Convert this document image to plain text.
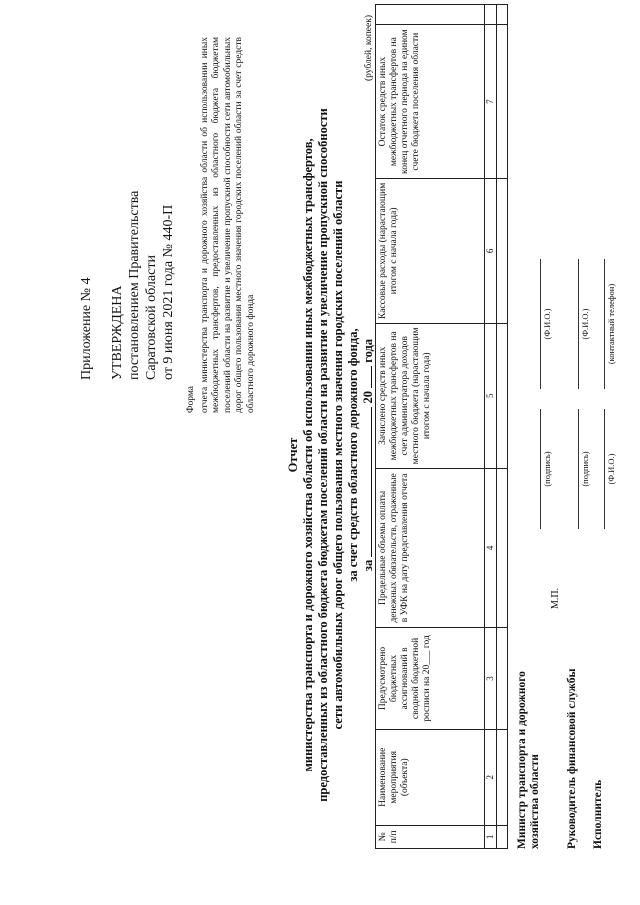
Приложение № 4 УТВЕРЖДЕНА постановлением Правительства Саратовской области от 9 июня 2021 года № 440-П
Форма отчета министерства транспорта и дорожного хозяйства области об использовании иных межбюджетных трансфертов, предоставленных из областного бюджета бюджетам поселений области на развитие и увеличение пропускной способности сети автомобильных дорог общего пользования местного значения городских поселений области за счет средств областного дорожного фонда
Отчет министерства транспорта и дорожного хозяйства области об использовании иных межбюджетных трансфертов, предоставленных из областного бюджета бюджетам поселений области на развитие и увеличение пропускной способности сети автомобильных дорог общего пользования местного значения городских поселений области за счет средств областного дорожного фонда, за  20  года
(рублей, копеек)
№ п/п	Наименование мероприятия (объекта)	Предусмотрено бюджетных ассигнований в сводной бюджетной росписи на 20___ год	Предельные объемы оплаты денежных обязательств, отраженные в УФК на дату представления отчета	Зачислено средств иных межбюджетных трансфертов на счет администратора доходов местного бюджета (нарастающим итогом с начала года)	Кассовые расходы (нарастающим итогом с начала года)	Остаток средств иных межбюджетных трансфертов на конец отчетного периода на едином счете бюджета поселения области	
1	2	3	4	5	6	7	

Министр транспорта и дорожного хозяйства области
(подпись)
(Ф.И.О.)
М.П.
Руководитель финансовой службы
(подпись)
(Ф.И.О.)
Исполнитель
(Ф.И.О.)
(контактный телефон)
